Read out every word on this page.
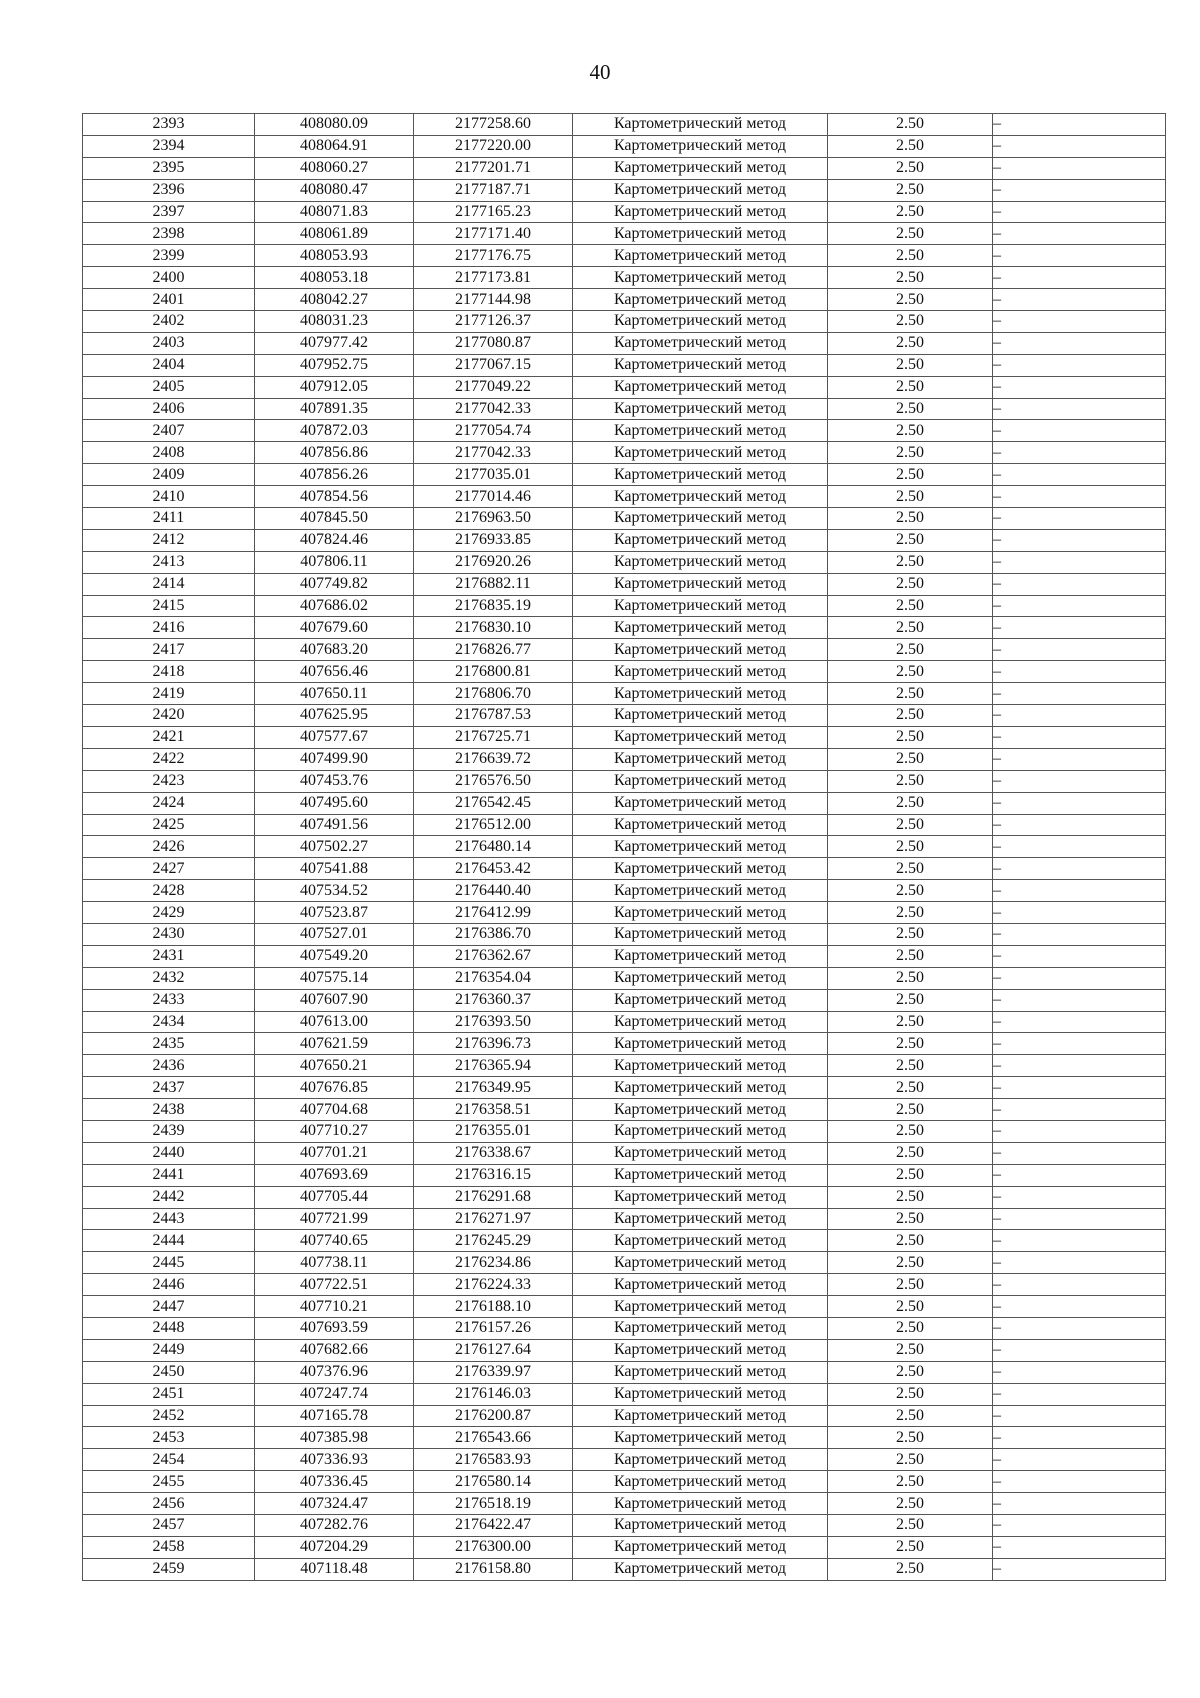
40
2393	408080.09	2177258.60	Картометрический метод	2.50	–
2394	408064.91	2177220.00	Картометрический метод	2.50	–
2395	408060.27	2177201.71	Картометрический метод	2.50	–
2396	408080.47	2177187.71	Картометрический метод	2.50	–
2397	408071.83	2177165.23	Картометрический метод	2.50	–
2398	408061.89	2177171.40	Картометрический метод	2.50	–
2399	408053.93	2177176.75	Картометрический метод	2.50	–
2400	408053.18	2177173.81	Картометрический метод	2.50	–
2401	408042.27	2177144.98	Картометрический метод	2.50	–
2402	408031.23	2177126.37	Картометрический метод	2.50	–
2403	407977.42	2177080.87	Картометрический метод	2.50	–
2404	407952.75	2177067.15	Картометрический метод	2.50	–
2405	407912.05	2177049.22	Картометрический метод	2.50	–
2406	407891.35	2177042.33	Картометрический метод	2.50	–
2407	407872.03	2177054.74	Картометрический метод	2.50	–
2408	407856.86	2177042.33	Картометрический метод	2.50	–
2409	407856.26	2177035.01	Картометрический метод	2.50	–
2410	407854.56	2177014.46	Картометрический метод	2.50	–
2411	407845.50	2176963.50	Картометрический метод	2.50	–
2412	407824.46	2176933.85	Картометрический метод	2.50	–
2413	407806.11	2176920.26	Картометрический метод	2.50	–
2414	407749.82	2176882.11	Картометрический метод	2.50	–
2415	407686.02	2176835.19	Картометрический метод	2.50	–
2416	407679.60	2176830.10	Картометрический метод	2.50	–
2417	407683.20	2176826.77	Картометрический метод	2.50	–
2418	407656.46	2176800.81	Картометрический метод	2.50	–
2419	407650.11	2176806.70	Картометрический метод	2.50	–
2420	407625.95	2176787.53	Картометрический метод	2.50	–
2421	407577.67	2176725.71	Картометрический метод	2.50	–
2422	407499.90	2176639.72	Картометрический метод	2.50	–
2423	407453.76	2176576.50	Картометрический метод	2.50	–
2424	407495.60	2176542.45	Картометрический метод	2.50	–
2425	407491.56	2176512.00	Картометрический метод	2.50	–
2426	407502.27	2176480.14	Картометрический метод	2.50	–
2427	407541.88	2176453.42	Картометрический метод	2.50	–
2428	407534.52	2176440.40	Картометрический метод	2.50	–
2429	407523.87	2176412.99	Картометрический метод	2.50	–
2430	407527.01	2176386.70	Картометрический метод	2.50	–
2431	407549.20	2176362.67	Картометрический метод	2.50	–
2432	407575.14	2176354.04	Картометрический метод	2.50	–
2433	407607.90	2176360.37	Картометрический метод	2.50	–
2434	407613.00	2176393.50	Картометрический метод	2.50	–
2435	407621.59	2176396.73	Картометрический метод	2.50	–
2436	407650.21	2176365.94	Картометрический метод	2.50	–
2437	407676.85	2176349.95	Картометрический метод	2.50	–
2438	407704.68	2176358.51	Картометрический метод	2.50	–
2439	407710.27	2176355.01	Картометрический метод	2.50	–
2440	407701.21	2176338.67	Картометрический метод	2.50	–
2441	407693.69	2176316.15	Картометрический метод	2.50	–
2442	407705.44	2176291.68	Картометрический метод	2.50	–
2443	407721.99	2176271.97	Картометрический метод	2.50	–
2444	407740.65	2176245.29	Картометрический метод	2.50	–
2445	407738.11	2176234.86	Картометрический метод	2.50	–
2446	407722.51	2176224.33	Картометрический метод	2.50	–
2447	407710.21	2176188.10	Картометрический метод	2.50	–
2448	407693.59	2176157.26	Картометрический метод	2.50	–
2449	407682.66	2176127.64	Картометрический метод	2.50	–
2450	407376.96	2176339.97	Картометрический метод	2.50	–
2451	407247.74	2176146.03	Картометрический метод	2.50	–
2452	407165.78	2176200.87	Картометрический метод	2.50	–
2453	407385.98	2176543.66	Картометрический метод	2.50	–
2454	407336.93	2176583.93	Картометрический метод	2.50	–
2455	407336.45	2176580.14	Картометрический метод	2.50	–
2456	407324.47	2176518.19	Картометрический метод	2.50	–
2457	407282.76	2176422.47	Картометрический метод	2.50	–
2458	407204.29	2176300.00	Картометрический метод	2.50	–
2459	407118.48	2176158.80	Картометрический метод	2.50	–
